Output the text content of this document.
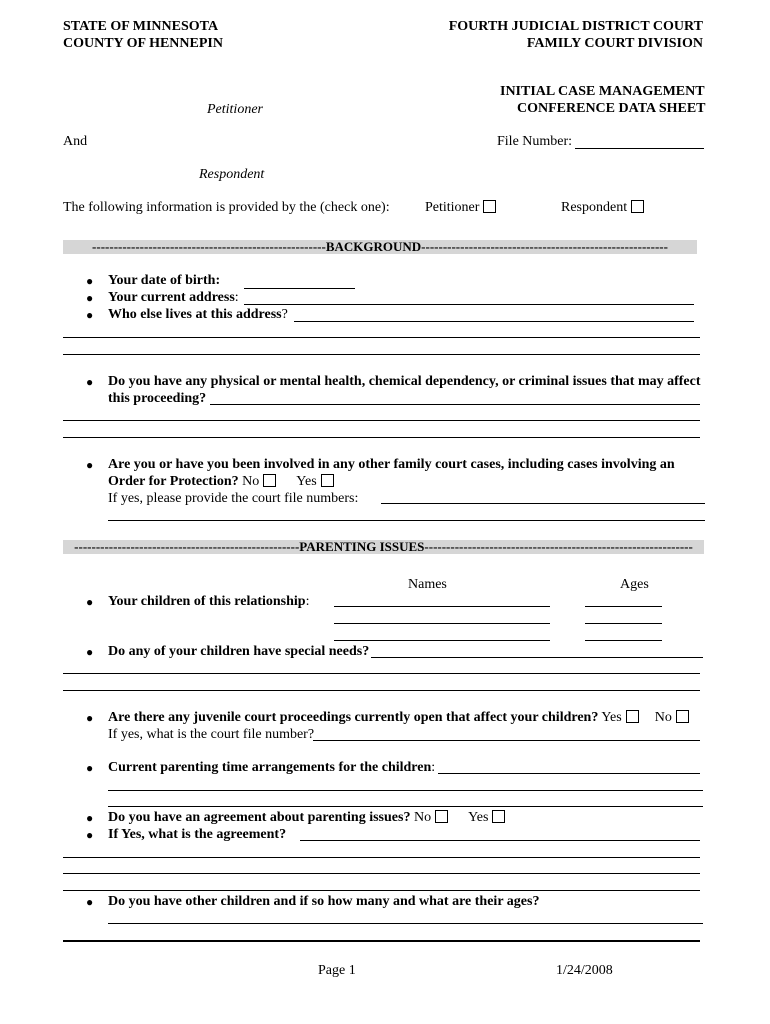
STATE OF MINNESOTA
COUNTY OF HENNEPIN
FOURTH JUDICIAL DISTRICT COURT
FAMILY COURT DIVISION
INITIAL CASE MANAGEMENT
CONFERENCE DATA SHEET
Petitioner
And	File Number:
Respondent
The following information is provided by the (check one):	Petitioner	Respondent
------------------------------------------------------BACKGROUND---------------------------------------------------------
● Your date of birth:
● Your current address:
● Who else lives at this address?
● Do you have any physical or mental health, chemical dependency, or criminal issues that may affect
this proceeding?
● Are you or have you been involved in any other family court cases, including cases involving an
Order for Protection? No	Yes
If yes, please provide the court file numbers:
----------------------------------------------------PARENTING ISSUES--------------------------------------------------------------
Names	Ages
● Your children of this relationship:
● Do any of your children have special needs?
● Are there any juvenile court proceedings currently open that affect your children? Yes No
If yes, what is the court file number?
● Current parenting time arrangements for the children:
● Do you have an agreement about parenting issues? No	Yes
● If Yes, what is the agreement?
● Do you have other children and if so how many and what are their ages?
Page 1	1/24/2008
